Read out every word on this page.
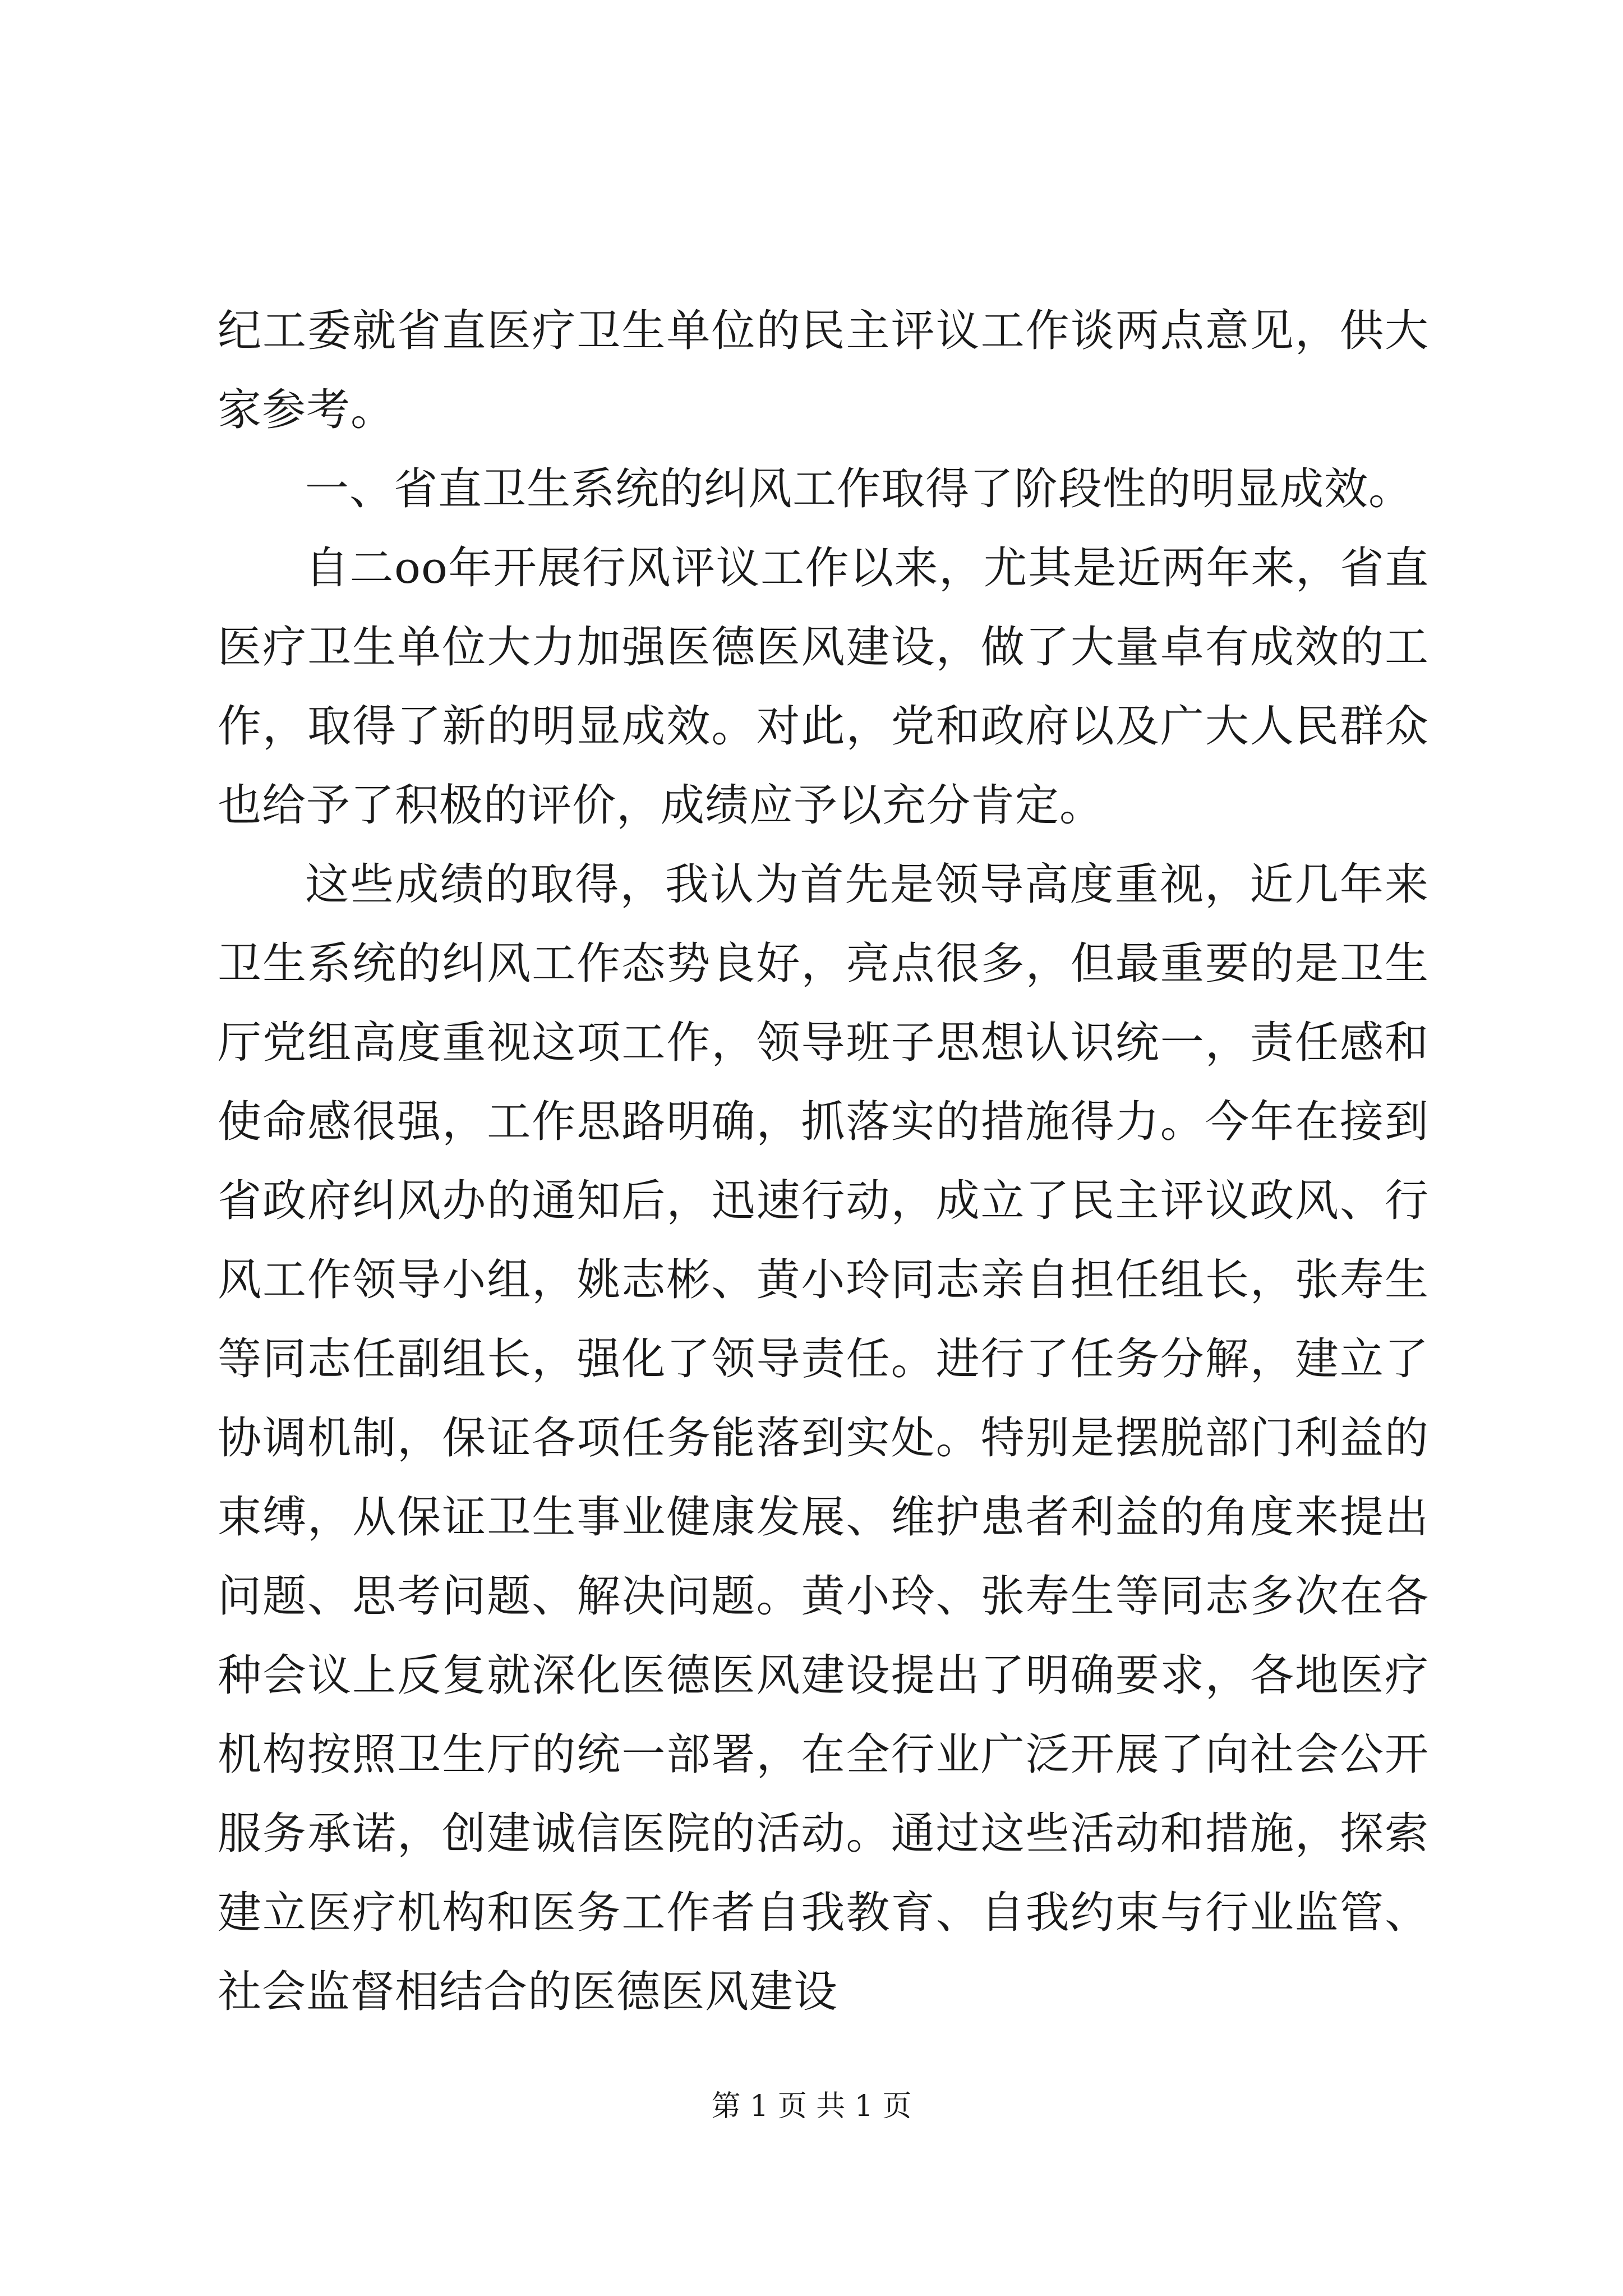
纪工委就省直医疗卫生单位的民主评议工作谈两点意见，供大家参考。

一、省直卫生系统的纠风工作取得了阶段性的明显成效。

自二oo年开展行风评议工作以来，尤其是近两年来，省直医疗卫生单位大力加强医德医风建设，做了大量卓有成效的工作，取得了新的明显成效。对此，党和政府以及广大人民群众也给予了积极的评价，成绩应予以充分肯定。

这些成绩的取得，我认为首先是领导高度重视，近几年来卫生系统的纠风工作态势良好，亮点很多，但最重要的是卫生厅党组高度重视这项工作，领导班子思想认识统一，责任感和使命感很强，工作思路明确，抓落实的措施得力。今年在接到省政府纠风办的通知后，迅速行动，成立了民主评议政风、行风工作领导小组，姚志彬、黄小玲同志亲自担任组长，张寿生等同志任副组长，强化了领导责任。进行了任务分解，建立了协调机制，保证各项任务能落到实处。特别是摆脱部门利益的束缚，从保证卫生事业健康发展、维护患者利益的角度来提出问题、思考问题、解决问题。黄小玲、张寿生等同志多次在各种会议上反复就深化医德医风建设提出了明确要求，各地医疗机构按照卫生厅的统一部署，在全行业广泛开展了向社会公开服务承诺，创建诚信医院的活动。通过这些活动和措施，探索建立医疗机构和医务工作者自我教育、自我约束与行业监管、社会监督相结合的医德医风建设

第 1 页 共 1 页
